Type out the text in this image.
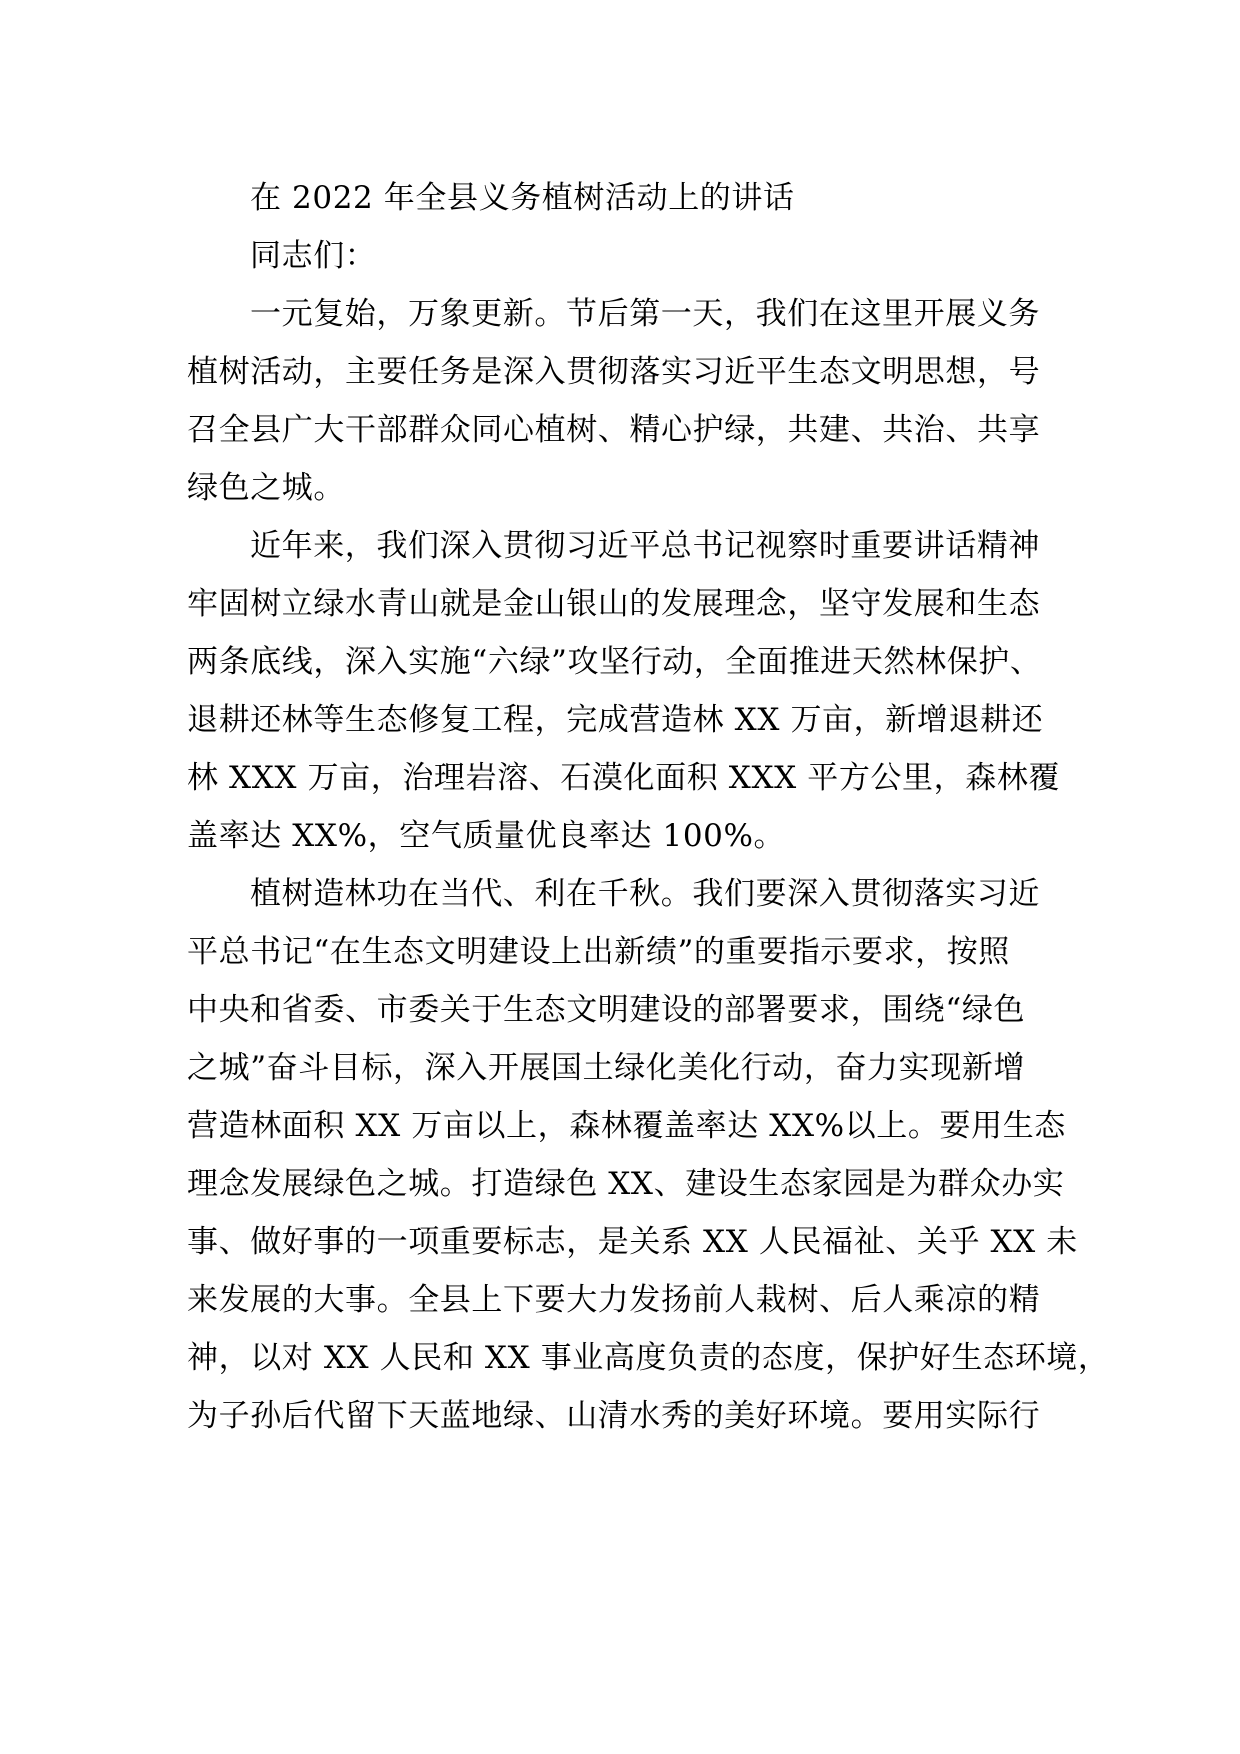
在 2022 年全县义务植树活动上的讲话
同志们：
一元复始，万象更新。节后第一天，我们在这里开展义务
植树活动，主要任务是深入贯彻落实习近平生态文明思想，号
召全县广大干部群众同心植树、精心护绿，共建、共治、共享
绿色之城。
近年来，我们深入贯彻习近平总书记视察时重要讲话精神
牢固树立绿水青山就是金山银山的发展理念，坚守发展和生态
两条底线，深入实施“六绿”攻坚行动，全面推进天然林保护、
退耕还林等生态修复工程，完成营造林 XX 万亩，新增退耕还
林 XXX 万亩，治理岩溶、石漠化面积 XXX 平方公里，森林覆
盖率达 XX%，空气质量优良率达 100%。
植树造林功在当代、利在千秋。我们要深入贯彻落实习近
平总书记“在生态文明建设上出新绩”的重要指示要求，按照
中央和省委、市委关于生态文明建设的部署要求，围绕“绿色
之城”奋斗目标，深入开展国土绿化美化行动，奋力实现新增
营造林面积 XX 万亩以上，森林覆盖率达 XX%以上。要用生态
理念发展绿色之城。打造绿色 XX、建设生态家园是为群众办实
事、做好事的一项重要标志，是关系 XX 人民福祉、关乎 XX 未
来发展的大事。全县上下要大力发扬前人栽树、后人乘凉的精
神，以对 XX 人民和 XX 事业高度负责的态度，保护好生态环境，
为子孙后代留下天蓝地绿、山清水秀的美好环境。要用实际行
